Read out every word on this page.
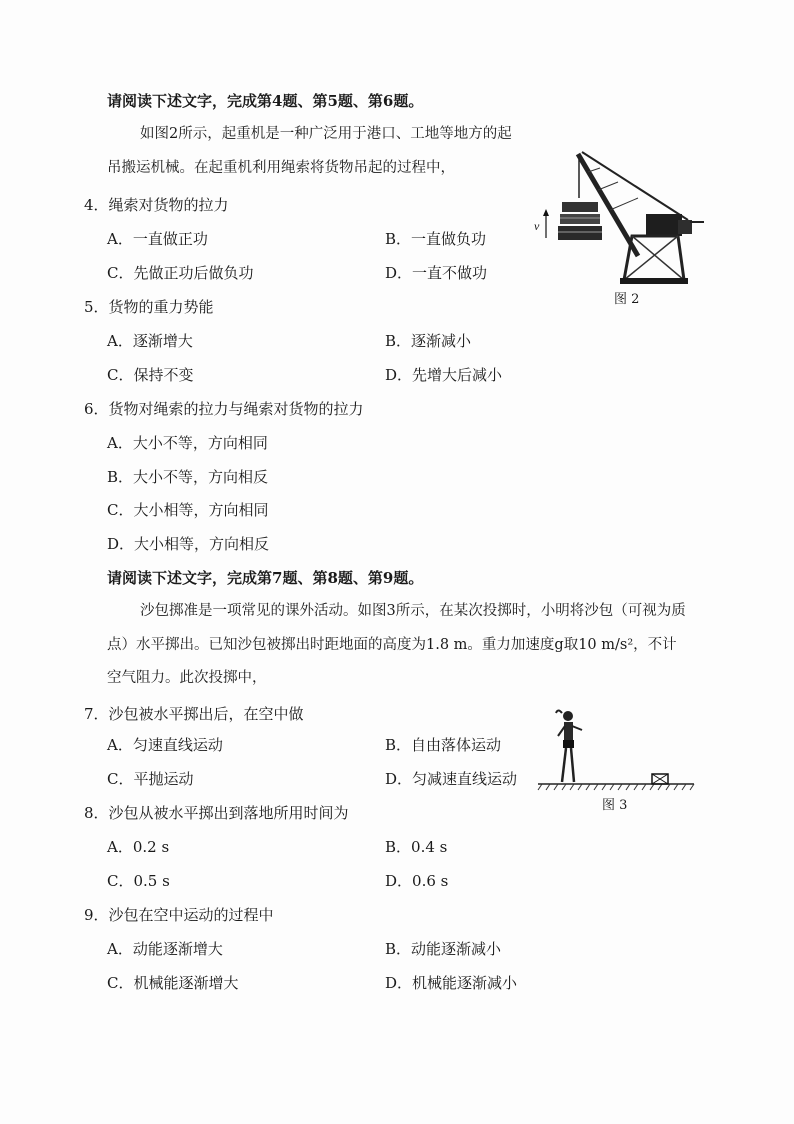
请阅读下述文字，完成第4题、第5题、第6题。
如图2所示，起重机是一种广泛用于港口、工地等地方的起
吊搬运机械。在起重机利用绳索将货物吊起的过程中，
4．绳索对货物的拉力
A．一直做正功	B．一直做负功
C．先做正功后做负功	D．一直不做功
v
图 2
5．货物的重力势能
A．逐渐增大	B．逐渐减小
C．保持不变	D．先增大后减小
6．货物对绳索的拉力与绳索对货物的拉力
A．大小不等，方向相同
B．大小不等，方向相反
C．大小相等，方向相同
D．大小相等，方向相反
请阅读下述文字，完成第7题、第8题、第9题。
沙包掷准是一项常见的课外活动。如图3所示，在某次投掷时，小明将沙包（可视为质
点）水平掷出。已知沙包被掷出时距地面的高度为1.8 m。重力加速度g取10 m/s²，不计
空气阻力。此次投掷中，
7．沙包被水平掷出后，在空中做
A．匀速直线运动	B．自由落体运动
C．平抛运动	D．匀减速直线运动
图 3
8．沙包从被水平掷出到落地所用时间为
A．0.2 s	B．0.4 s
C．0.5 s	D．0.6 s
9．沙包在空中运动的过程中
A．动能逐渐增大	B．动能逐渐减小
C．机械能逐渐增大	D．机械能逐渐减小
